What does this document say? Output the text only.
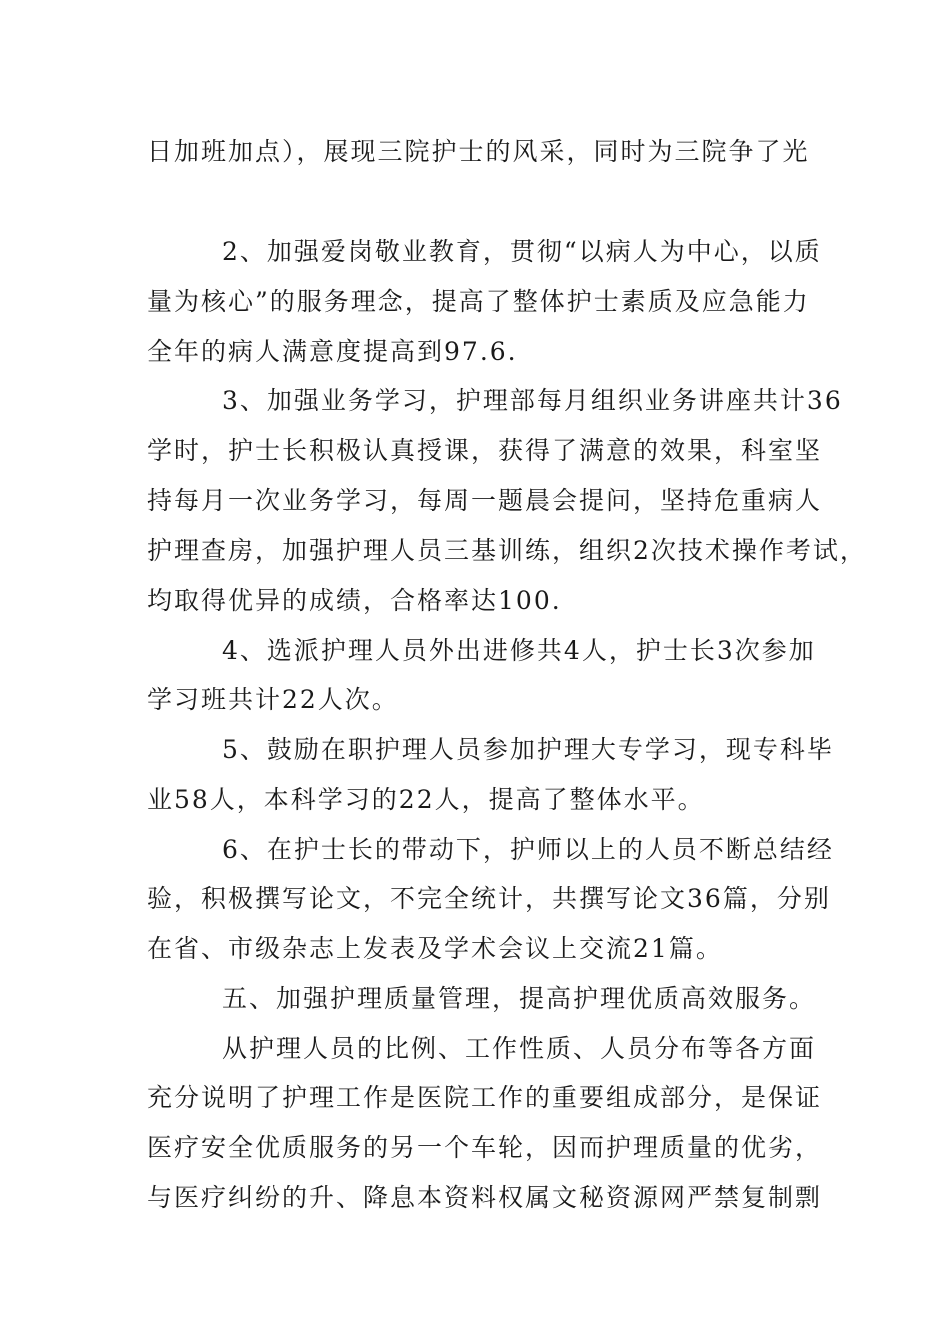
日加班加点），展现三院护士的风采，同时为三院争了光
2、加强爱岗敬业教育，贯彻“以病人为中心，以质
量为核心”的服务理念，提高了整体护士素质及应急能力
全年的病人满意度提高到97.6.
3、加强业务学习，护理部每月组织业务讲座共计36
学时，护士长积极认真授课，获得了满意的效果，科室坚
持每月一次业务学习，每周一题晨会提问，坚持危重病人
护理查房，加强护理人员三基训练，组织2次技术操作考试，
均取得优异的成绩，合格率达100.
4、选派护理人员外出进修共4人，护士长3次参加
学习班共计22人次。
5、鼓励在职护理人员参加护理大专学习，现专科毕
业58人，本科学习的22人，提高了整体水平。
6、在护士长的带动下，护师以上的人员不断总结经
验，积极撰写论文，不完全统计，共撰写论文36篇，分别
在省、市级杂志上发表及学术会议上交流21篇。
五、加强护理质量管理，提高护理优质高效服务。
从护理人员的比例、工作性质、人员分布等各方面
充分说明了护理工作是医院工作的重要组成部分，是保证
医疗安全优质服务的另一个车轮，因而护理质量的优劣，
与医疗纠纷的升、降息本资料权属文秘资源网严禁复制剽
